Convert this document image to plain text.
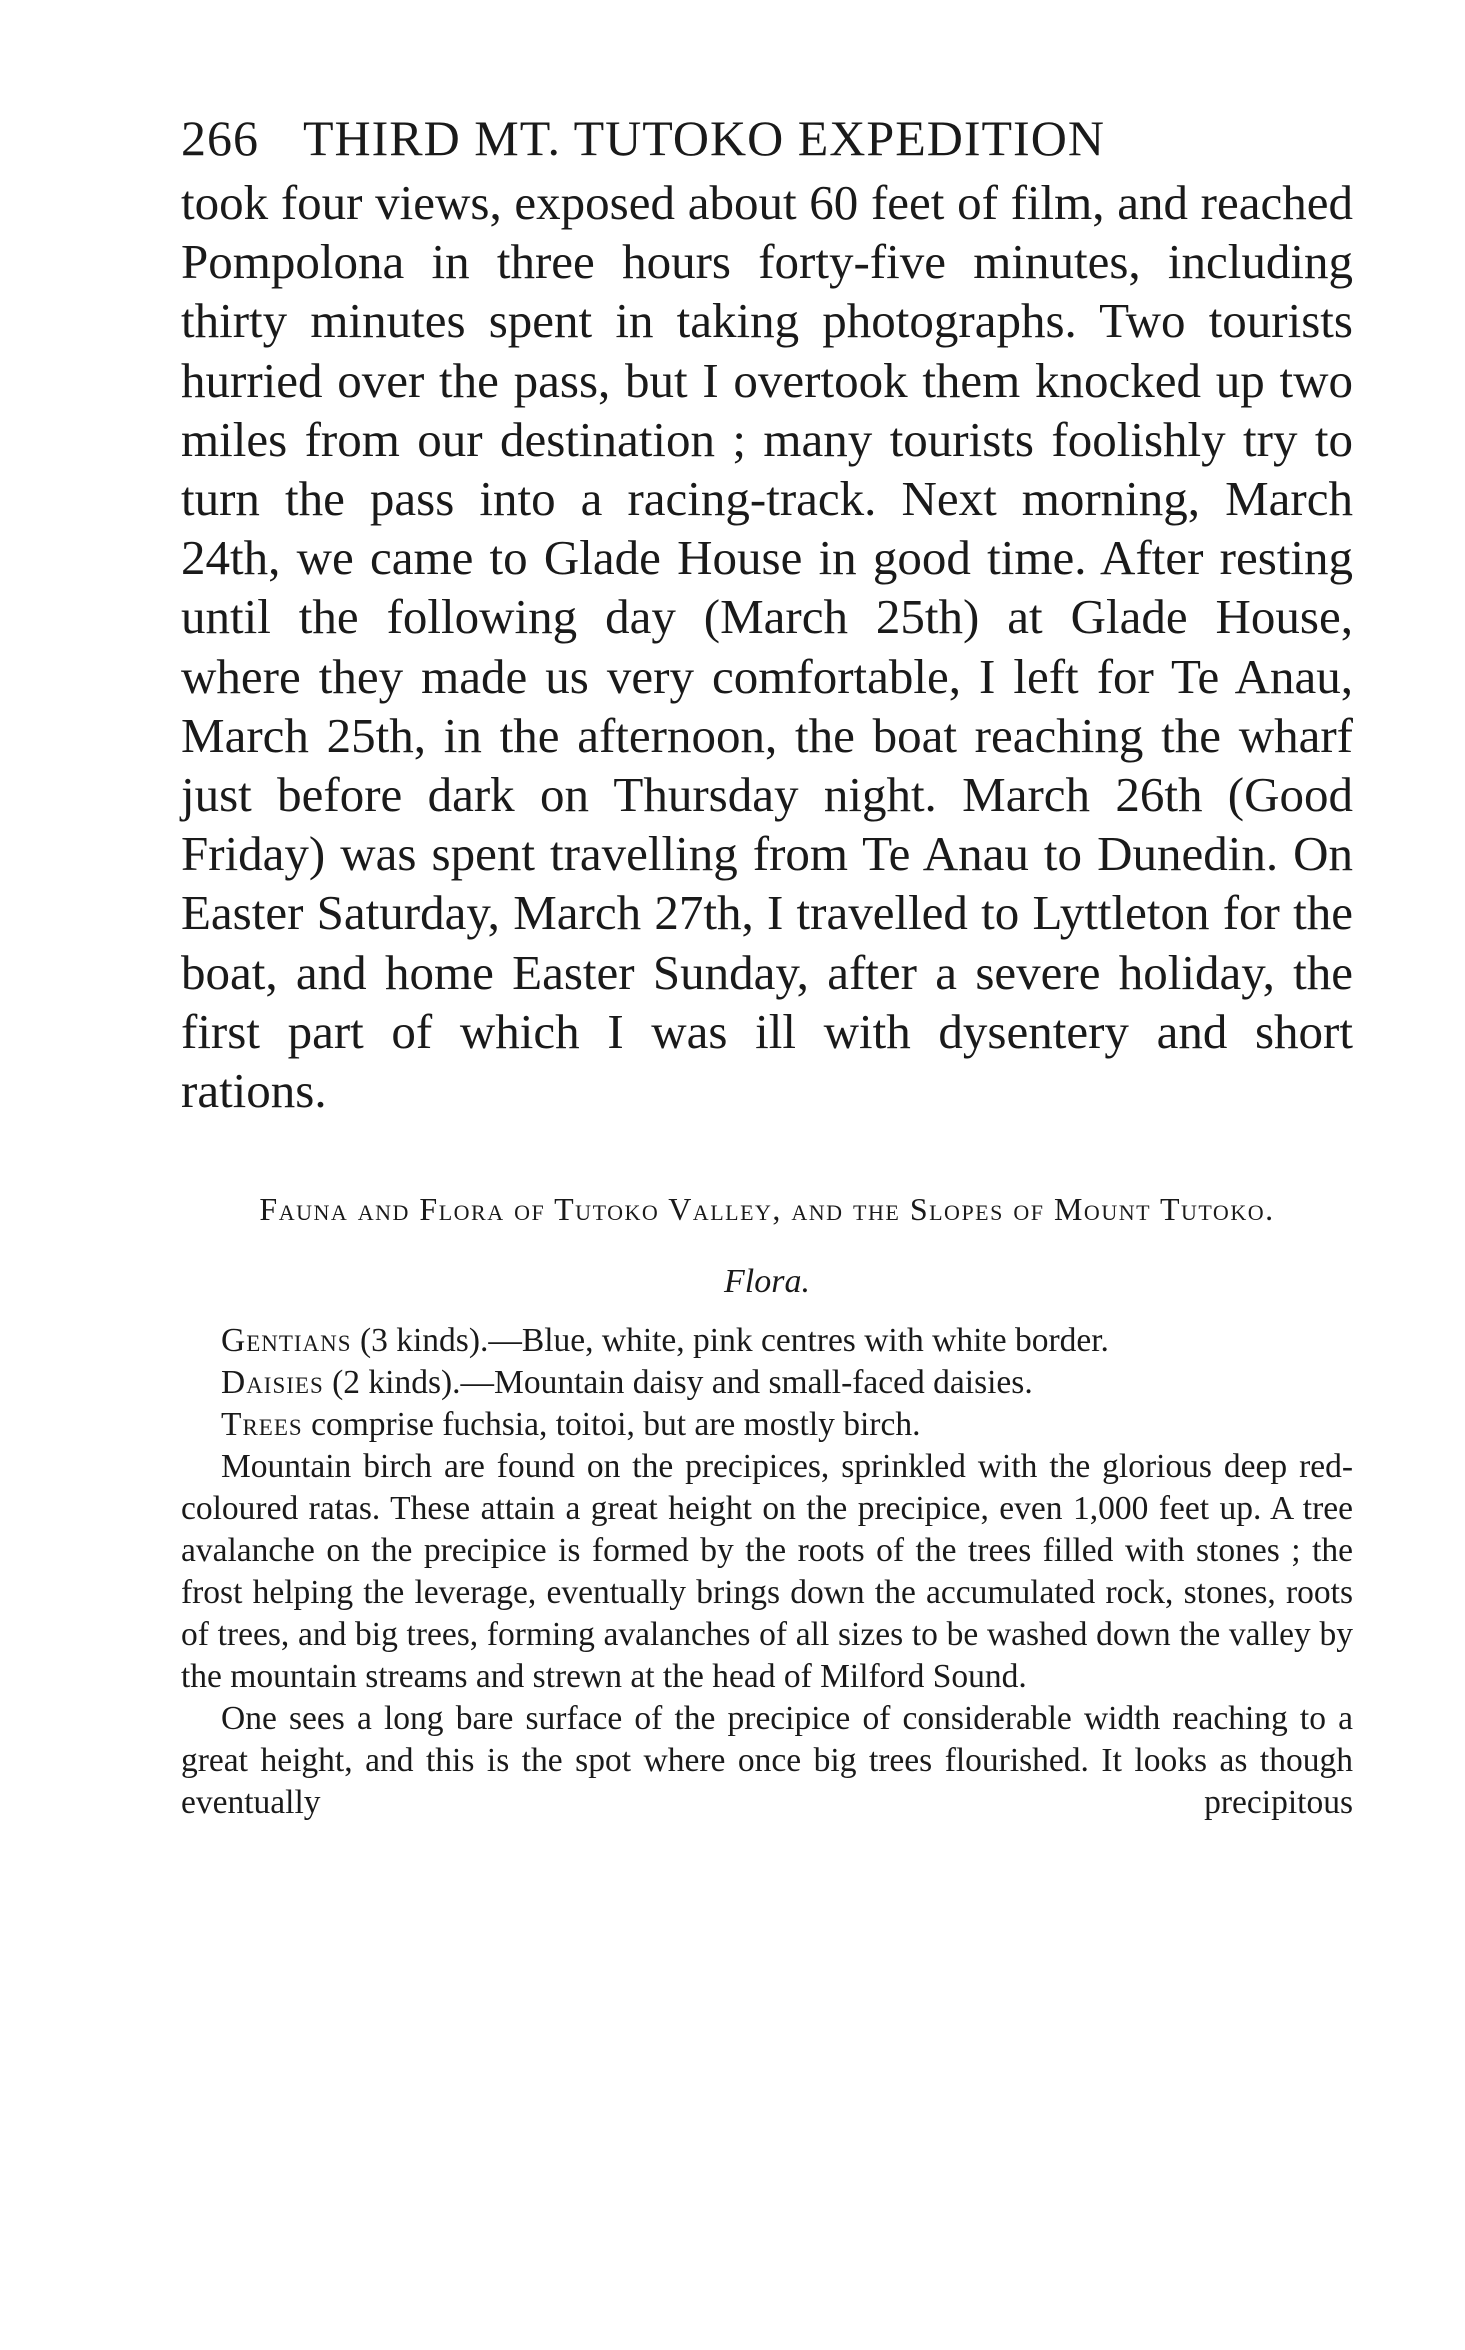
266 THIRD MT. TUTOKO EXPEDITION

took four views, exposed about 60 feet of film, and reached Pompolona in three hours forty-five minutes, including thirty minutes spent in taking photographs. Two tourists hurried over the pass, but I overtook them knocked up two miles from our destination ; many tourists foolishly try to turn the pass into a racing-track. Next morning, March 24th, we came to Glade House in good time. After resting until the following day (March 25th) at Glade House, where they made us very comfortable, I left for Te Anau, March 25th, in the afternoon, the boat reaching the wharf just before dark on Thursday night. March 26th (Good Friday) was spent travelling from Te Anau to Dunedin. On Easter Saturday, March 27th, I travelled to Lyttleton for the boat, and home Easter Sunday, after a severe holiday, the first part of which I was ill with dysentery and short rations.

Fauna and Flora of Tutoko Valley, and the Slopes of Mount Tutoko.
Flora.

Gentians (3 kinds).—Blue, white, pink centres with white border.

Daisies (2 kinds).—Mountain daisy and small-faced daisies.

Trees comprise fuchsia, toitoi, but are mostly birch.

Mountain birch are found on the precipices, sprinkled with the glorious deep red-coloured ratas. These attain a great height on the precipice, even 1,000 feet up. A tree avalanche on the precipice is formed by the roots of the trees filled with stones ; the frost helping the leverage, eventually brings down the accumulated rock, stones, roots of trees, and big trees, forming avalanches of all sizes to be washed down the valley by the mountain streams and strewn at the head of Milford Sound.

One sees a long bare surface of the precipice of considerable width reaching to a great height, and this is the spot where once big trees flourished. It looks as though eventually precipitous
